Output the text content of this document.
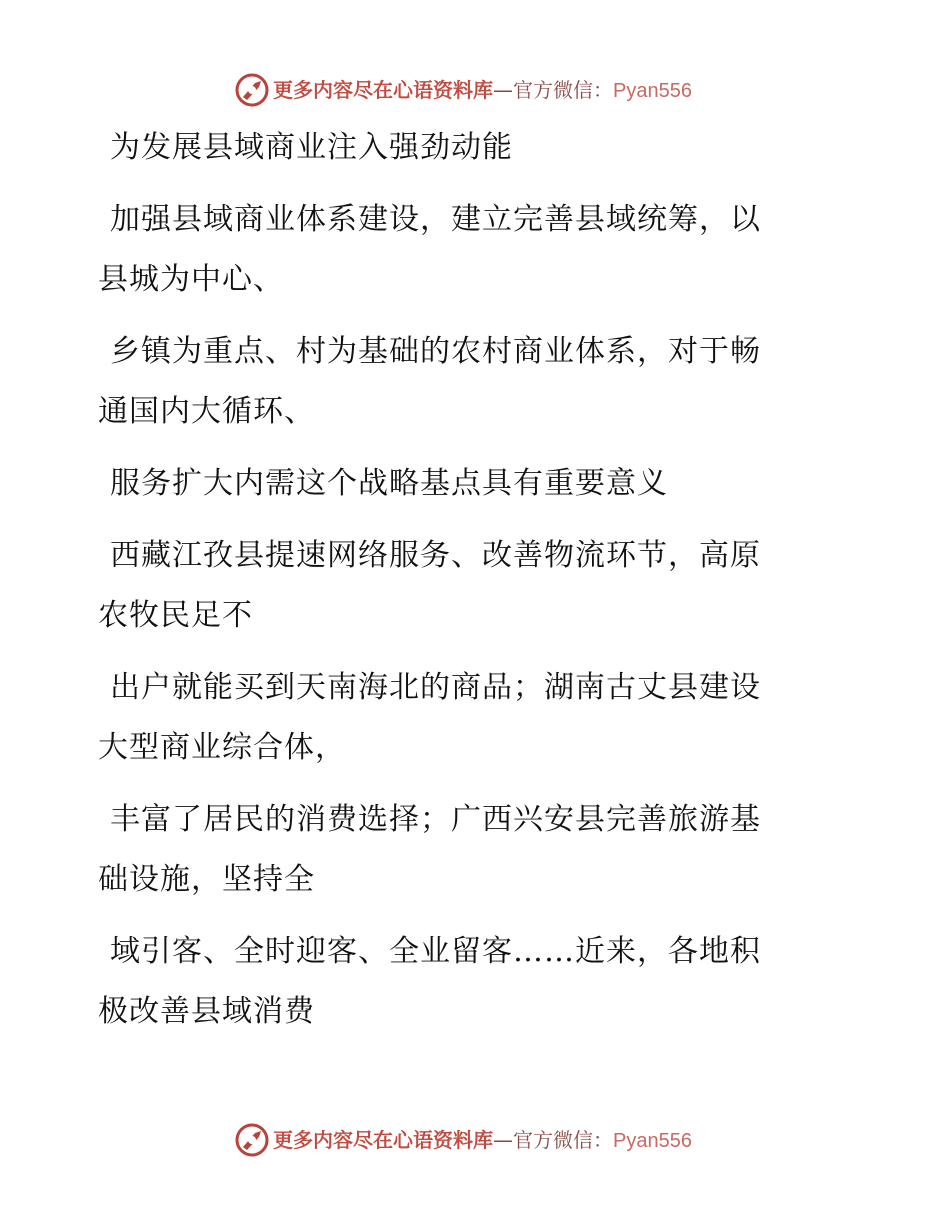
更多内容尽在心语资料库—官方微信：Pyan556

为发展县域商业注入强劲动能

加强县域商业体系建设，建立完善县域统筹，以
县城为中心、

乡镇为重点、村为基础的农村商业体系，对于畅
通国内大循环、

服务扩大内需这个战略基点具有重要意义

西藏江孜县提速网络服务、改善物流环节，高原
农牧民足不

出户就能买到天南海北的商品；湖南古丈县建设
大型商业综合体，

丰富了居民的消费选择；广西兴安县完善旅游基
础设施，坚持全

域引客、全时迎客、全业留客……近来，各地积
极改善县域消费

更多内容尽在心语资料库—官方微信：Pyan556
